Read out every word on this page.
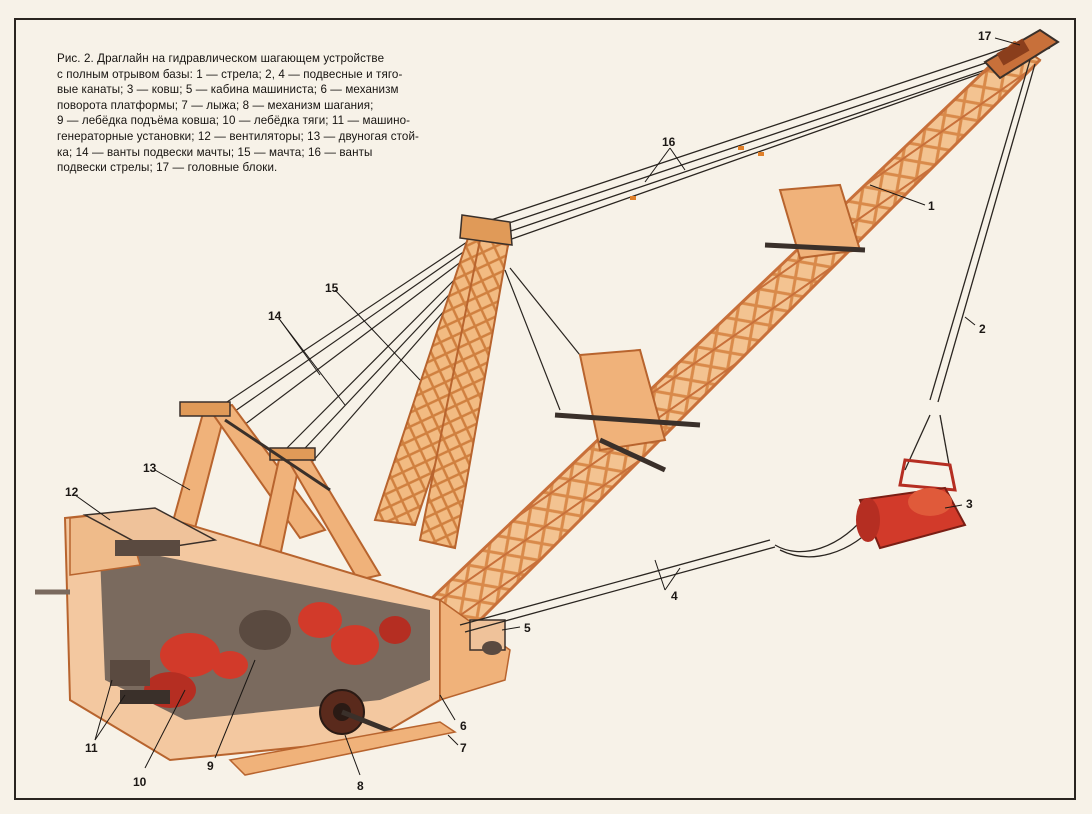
Рис. 2. Драглайн на гидравлическом шагающем устройстве
с полным отрывом базы: 1 — стрела; 2, 4 — подвесные и тяго-
вые канаты; 3 — ковш; 5 — кабина машиниста; 6 — механизм
поворота платформы; 7 — лыжа; 8 — механизм шагания;
9 — лебёдка подъёма ковша; 10 — лебёдка тяги; 11 — машино-
генераторные установки; 12 — вентиляторы; 13 — двуногая стой-
ка; 14 — ванты подвески мачты; 15 — мачта; 16 — ванты
подвески стрелы; 17 — головные блоки.
1
2
3
4
5
6
7
8
9
10
11
12
13
14
15
16
17
